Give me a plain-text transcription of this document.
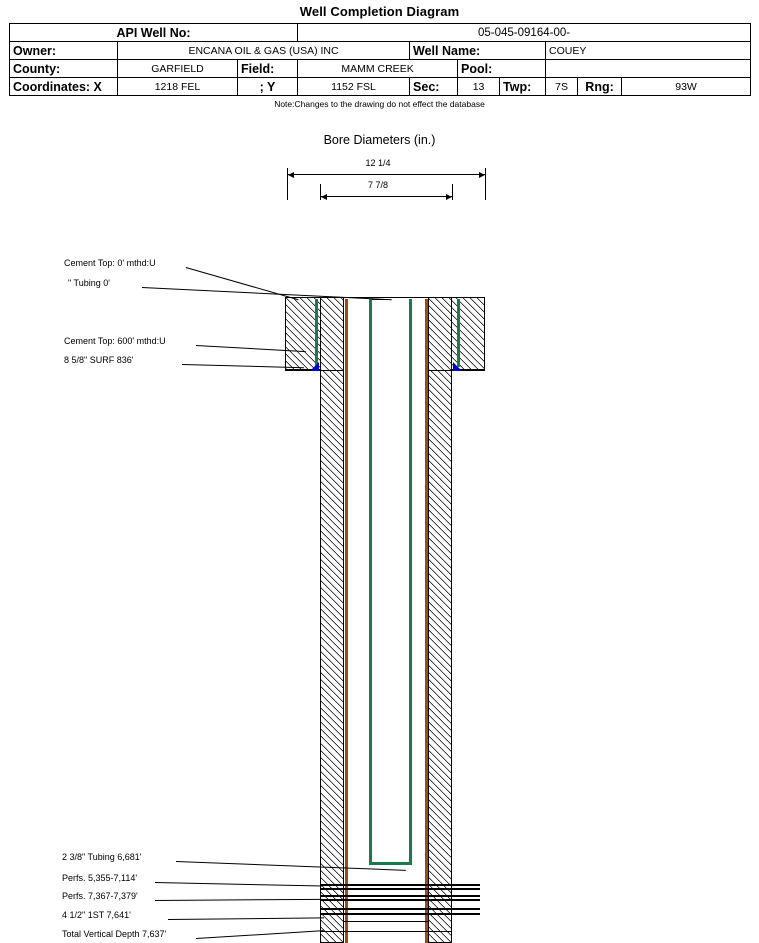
Well Completion Diagram
API Well No:			05-045-09164-00-						
Owner:	ENCANA OIL & GAS (USA) INC			Well Name:			COUEY		
County:	GARFIELD	Field:	MAMM CREEK		Pool:				
Coordinates: X	1218 FEL	; Y	1152 FSL	Sec:	13	Twp:	7S	Rng:	93W
Note:Changes to the drawing do not effect the database
Bore Diameters (in.)
12 1/4
7 7/8
Cement Top: 0' mthd:U
" Tubing 0'
Cement Top: 600' mthd:U
8 5/8" SURF 836'
2 3/8" Tubing 6,681'
Perfs. 5,355-7,114'
Perfs. 7,367-7,379'
4 1/2" 1ST 7,641'
Total Vertical Depth 7,637'
